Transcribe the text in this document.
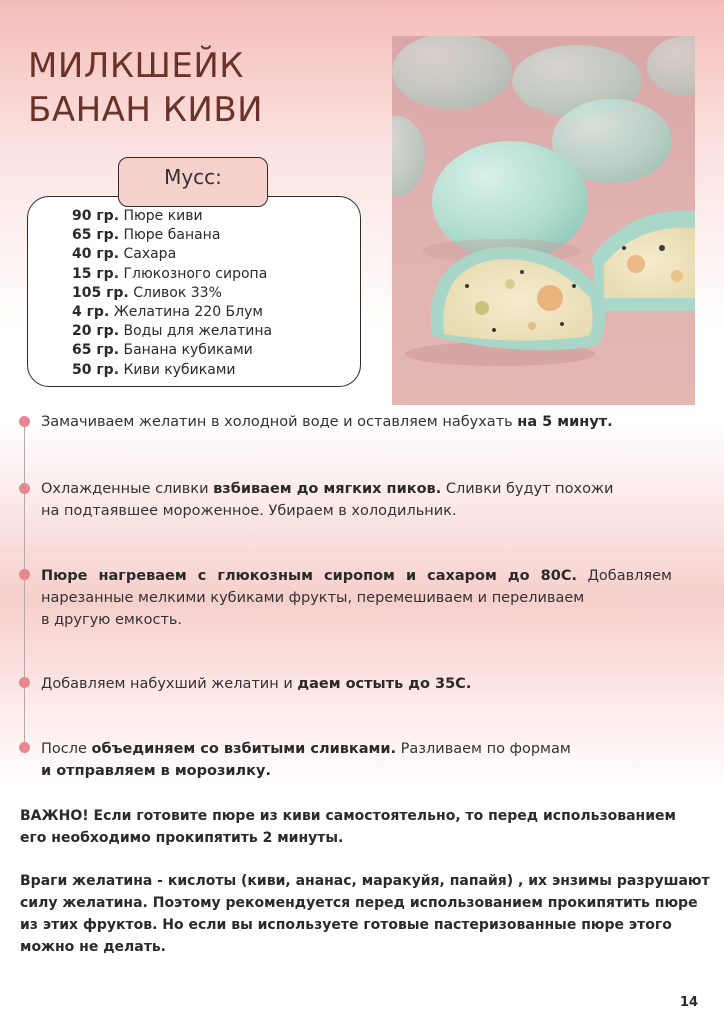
МИЛКШЕЙК
БАНАН КИВИ
Мусс:
90 гр. Пюре киви
65 гр. Пюре банана
40 гр. Сахара
15 гр. Глюкозного сиропа
105 гр. Сливок 33%
4 гр. Желатина 220 Блум
20 гр. Воды для желатина
65 гр. Банана кубиками
50 гр. Киви кубиками
Замачиваем желатин в холодной воде и оставляем набухать на 5 минут.
Охлажденные сливки взбиваем до мягких пиков. Сливки будут похожи
на подтаявшее мороженное. Убираем в холодильник.
Пюре нагреваем с глюкозным сиропом и сахаром до 80С. Добавляем
нарезанные мелкими кубиками фрукты, перемешиваем и переливаем
в другую емкость.
Добавляем набухший желатин и даем остыть до 35С.
После объединяем со взбитыми сливками. Разливаем по формам
и отправляем в морозилку.
ВАЖНО! Если готовите пюре из киви самостоятельно, то перед использованием
его необходимо прокипятить 2 минуты.
Враги желатина - кислоты (киви, ананас, маракуйя, папайя) , их энзимы разрушают
силу желатина. Поэтому рекомендуется перед использованием прокипятить пюре
из этих фруктов. Но если вы используете готовые пастеризованные пюре этого
можно не делать.
14
